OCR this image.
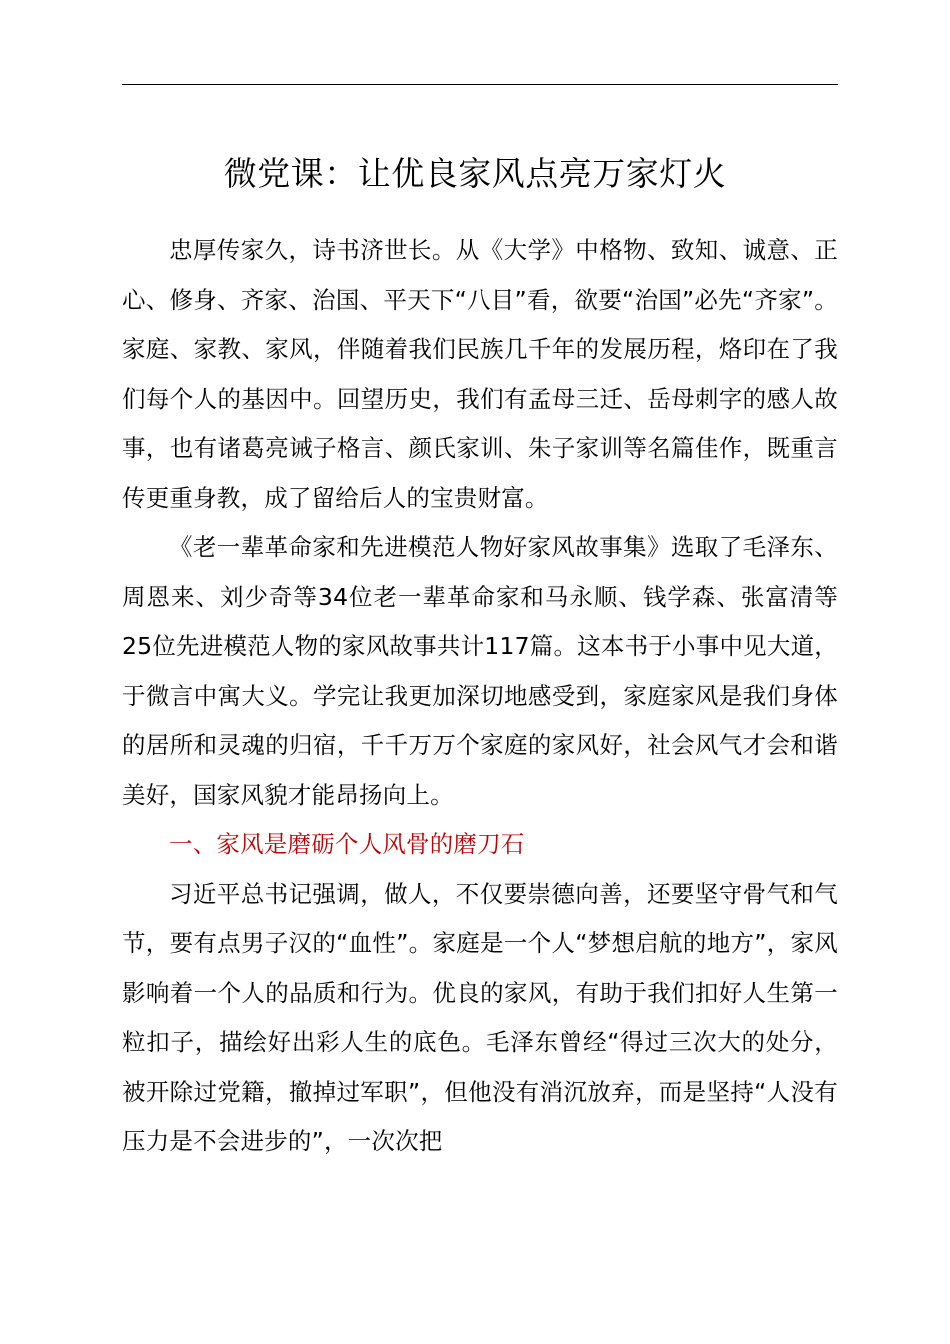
微党课：让优良家风点亮万家灯火

忠厚传家久，诗书济世长。从《大学》中格物、致知、诚意、正心、修身、齐家、治国、平天下“八目”看，欲要“治国”必先“齐家”。家庭、家教、家风，伴随着我们民族几千年的发展历程，烙印在了我们每个人的基因中。回望历史，我们有孟母三迁、岳母刺字的感人故事，也有诸葛亮诫子格言、颜氏家训、朱子家训等名篇佳作，既重言传更重身教，成了留给后人的宝贵财富。

《老一辈革命家和先进模范人物好家风故事集》选取了毛泽东、周恩来、刘少奇等34位老一辈革命家和马永顺、钱学森、张富清等25位先进模范人物的家风故事共计117篇。这本书于小事中见大道，于微言中寓大义。学完让我更加深切地感受到，家庭家风是我们身体的居所和灵魂的归宿，千千万万个家庭的家风好，社会风气才会和谐美好，国家风貌才能昂扬向上。

一、家风是磨砺个人风骨的磨刀石

习近平总书记强调，做人，不仅要崇德向善，还要坚守骨气和气节，要有点男子汉的“血性”。家庭是一个人“梦想启航的地方”，家风影响着一个人的品质和行为。优良的家风，有助于我们扣好人生第一粒扣子，描绘好出彩人生的底色。毛泽东曾经“得过三次大的处分，被开除过党籍，撤掉过军职”，但他没有消沉放弃，而是坚持“人没有压力是不会进步的”，一次次把
